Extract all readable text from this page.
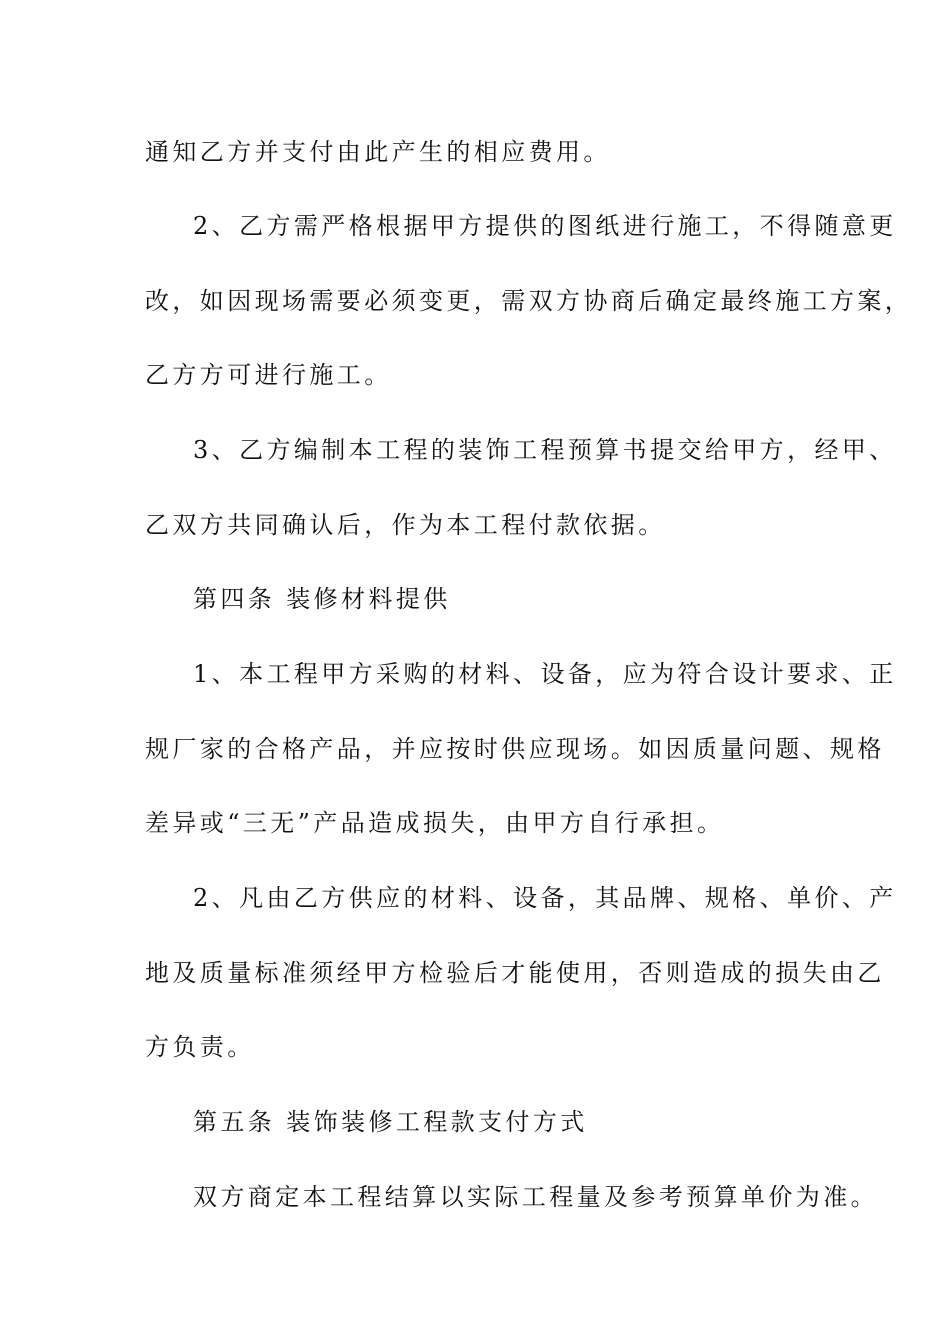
通知乙方并支付由此产生的相应费用。
2、乙方需严格根据甲方提供的图纸进行施工，不得随意更
改，如因现场需要必须变更，需双方协商后确定最终施工方案，
乙方方可进行施工。
3、乙方编制本工程的装饰工程预算书提交给甲方，经甲、
乙双方共同确认后，作为本工程付款依据。
第四条 装修材料提供
1、本工程甲方采购的材料、设备，应为符合设计要求、正
规厂家的合格产品，并应按时供应现场。如因质量问题、规格
差异或“三无”产品造成损失，由甲方自行承担。
2、凡由乙方供应的材料、设备，其品牌、规格、单价、产
地及质量标准须经甲方检验后才能使用，否则造成的损失由乙
方负责。
第五条 装饰装修工程款支付方式
双方商定本工程结算以实际工程量及参考预算单价为准。
